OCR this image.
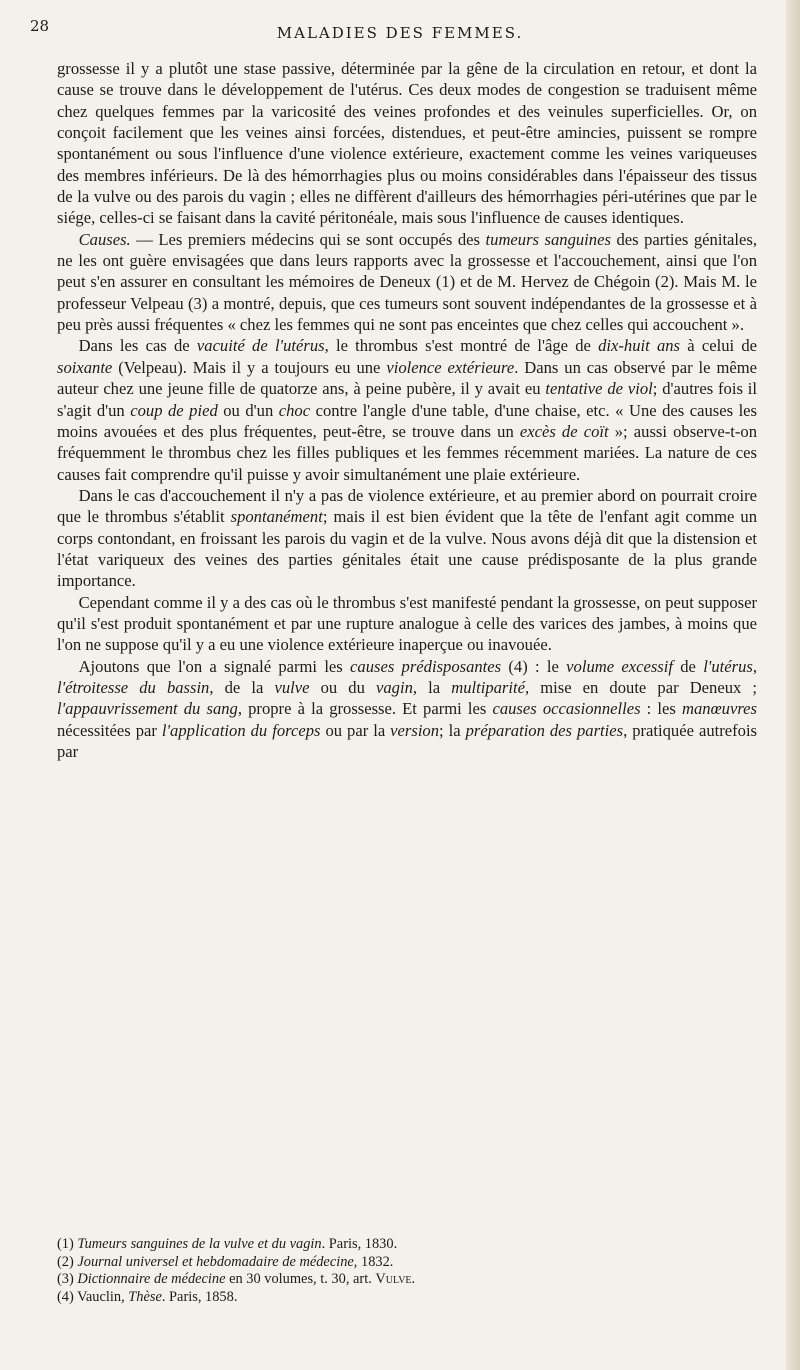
28	MALADIES DES FEMMES.

grossesse il y a plutôt une stase passive, déterminée par la gêne de la circulation en retour, et dont la cause se trouve dans le développement de l'utérus. Ces deux modes de congestion se traduisent même chez quelques femmes par la varicosité des veines profondes et des veinules superficielles. Or, on conçoit facilement que les veines ainsi forcées, distendues, et peut-être amincies, puissent se rompre spontanément ou sous l'influence d'une violence extérieure, exactement comme les veines variqueuses des membres inférieurs. De là des hémorrhagies plus ou moins considérables dans l'épaisseur des tissus de la vulve ou des parois du vagin ; elles ne diffèrent d'ailleurs des hémorrhagies péri-utérines que par le siége, celles-ci se faisant dans la cavité péritonéale, mais sous l'influence de causes identiques.

Causes. — Les premiers médecins qui se sont occupés des tumeurs sanguines des parties génitales, ne les ont guère envisagées que dans leurs rapports avec la grossesse et l'accouchement, ainsi que l'on peut s'en assurer en consultant les mémoires de Deneux (1) et de M. Hervez de Chégoin (2). Mais M. le professeur Velpeau (3) a montré, depuis, que ces tumeurs sont souvent indépendantes de la grossesse et à peu près aussi fréquentes « chez les femmes qui ne sont pas enceintes que chez celles qui accouchent ».

Dans les cas de vacuité de l'utérus, le thrombus s'est montré de l'âge de dix-huit ans à celui de soixante (Velpeau). Mais il y a toujours eu une violence extérieure. Dans un cas observé par le même auteur chez une jeune fille de quatorze ans, à peine pubère, il y avait eu tentative de viol; d'autres fois il s'agit d'un coup de pied ou d'un choc contre l'angle d'une table, d'une chaise, etc. « Une des causes les moins avouées et des plus fréquentes, peut-être, se trouve dans un excès de coït »; aussi observe-t-on fréquemment le thrombus chez les filles publiques et les femmes récemment mariées. La nature de ces causes fait comprendre qu'il puisse y avoir simultanément une plaie extérieure.

Dans le cas d'accouchement il n'y a pas de violence extérieure, et au premier abord on pourrait croire que le thrombus s'établit spontanément; mais il est bien évident que la tête de l'enfant agit comme un corps contondant, en froissant les parois du vagin et de la vulve. Nous avons déjà dit que la distension et l'état variqueux des veines des parties génitales était une cause prédisposante de la plus grande importance.

Cependant comme il y a des cas où le thrombus s'est manifesté pendant la grossesse, on peut supposer qu'il s'est produit spontanément et par une rupture analogue à celle des varices des jambes, à moins que l'on ne suppose qu'il y a eu une violence extérieure inaperçue ou inavouée.

Ajoutons que l'on a signalé parmi les causes prédisposantes (4) : le volume excessif de l'utérus, l'étroitesse du bassin, de la vulve ou du vagin, la multiparité, mise en doute par Deneux ; l'appauvrissement du sang, propre à la grossesse. Et parmi les causes occasionnelles : les manœuvres nécessitées par l'application du forceps ou par la version; la préparation des parties, pratiquée autrefois par

(1) Tumeurs sanguines de la vulve et du vagin. Paris, 1830.
(2) Journal universel et hebdomadaire de médecine, 1832.
(3) Dictionnaire de médecine en 30 volumes, t. 30, art. Vulve.
(4) Vauclin, Thèse. Paris, 1858.
